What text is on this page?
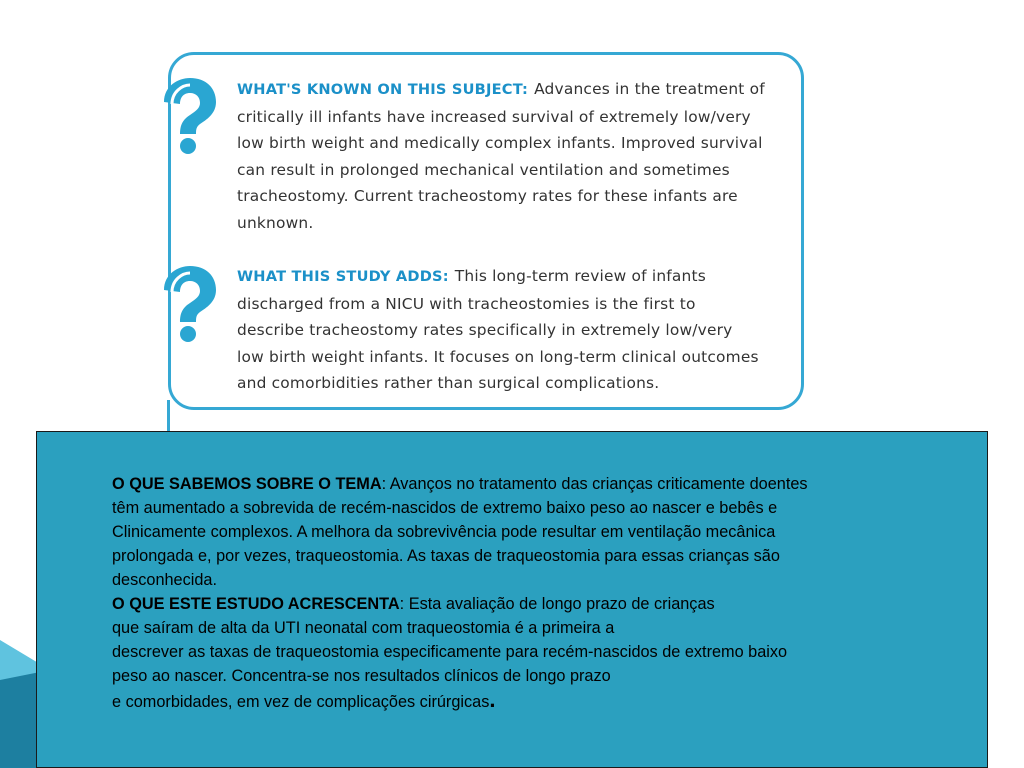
WHAT'S KNOWN ON THIS SUBJECT: Advances in the treatment of
critically ill infants have increased survival of extremely low/very
low birth weight and medically complex infants. Improved survival
can result in prolonged mechanical ventilation and sometimes
tracheostomy. Current tracheostomy rates for these infants are
unknown.
WHAT THIS STUDY ADDS: This long-term review of infants
discharged from a NICU with tracheostomies is the first to
describe tracheostomy rates specifically in extremely low/very
low birth weight infants. It focuses on long-term clinical outcomes
and comorbidities rather than surgical complications.
O QUE SABEMOS SOBRE O TEMA: Avanços no tratamento das crianças criticamente doentes
têm aumentado a sobrevida de recém-nascidos de extremo baixo peso ao nascer e bebês e
Clinicamente complexos. A melhora da sobrevivência pode resultar em ventilação mecânica
prolongada e, por vezes, traqueostomia. As taxas de traqueostomia para essas crianças são
desconhecida.
O QUE ESTE ESTUDO ACRESCENTA: Esta avaliação de longo prazo de crianças
que saíram de alta da UTI neonatal com traqueostomia é a primeira a
descrever as taxas de traqueostomia especificamente para recém-nascidos de extremo baixo
peso ao nascer. Concentra-se nos resultados clínicos de longo prazo
e comorbidades, em vez de complicações cirúrgicas.
